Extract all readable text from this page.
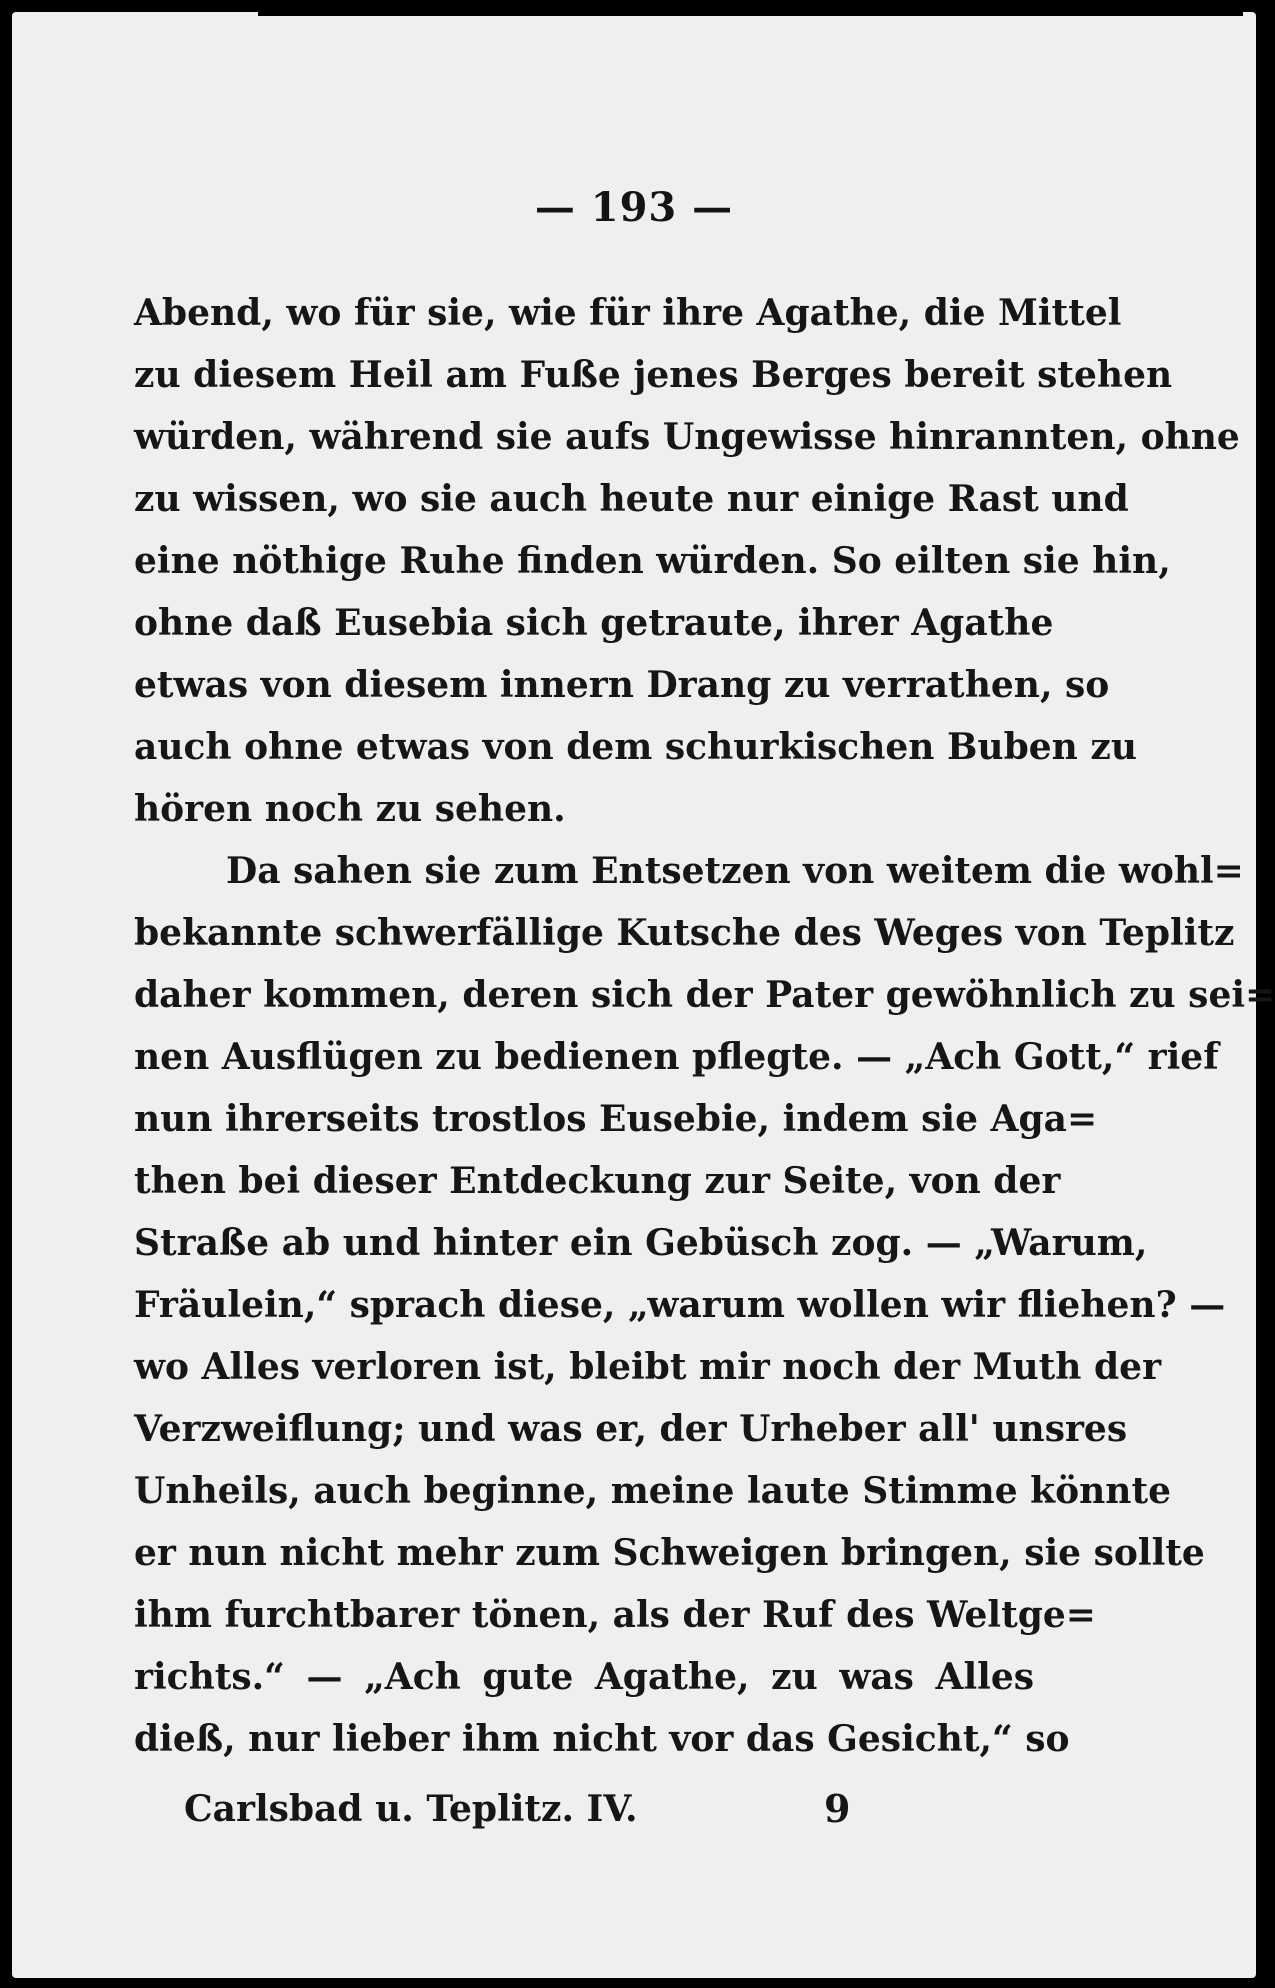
— 193 —
Abend, wo für sie, wie für ihre Agathe, die Mittel
zu diesem Heil am Fuße jenes Berges bereit stehen
würden, während sie aufs Ungewisse hinrannten, ohne
zu wissen, wo sie auch heute nur einige Rast und
eine nöthige Ruhe finden würden. So eilten sie hin,
ohne daß Eusebia sich getraute, ihrer Agathe
etwas von diesem innern Drang zu verrathen, so
auch ohne etwas von dem schurkischen Buben zu
hören noch zu sehen.
Da sahen sie zum Entsetzen von weitem die wohl=
bekannte schwerfällige Kutsche des Weges von Teplitz
daher kommen, deren sich der Pater gewöhnlich zu sei=
nen Ausflügen zu bedienen pflegte. — „Ach Gott,“ rief
nun ihrerseits trostlos Eusebie, indem sie Aga=
then bei dieser Entdeckung zur Seite, von der
Straße ab und hinter ein Gebüsch zog. — „Warum,
Fräulein,“ sprach diese, „warum wollen wir fliehen? —
wo Alles verloren ist, bleibt mir noch der Muth der
Verzweiflung; und was er, der Urheber all' unsres
Unheils, auch beginne, meine laute Stimme könnte
er nun nicht mehr zum Schweigen bringen, sie sollte
ihm furchtbarer tönen, als der Ruf des Weltge=
richts.“ — „Ach gute Agathe, zu was Alles
dieß, nur lieber ihm nicht vor das Gesicht,“ so
Carlsbad u. Teplitz. IV.	9
